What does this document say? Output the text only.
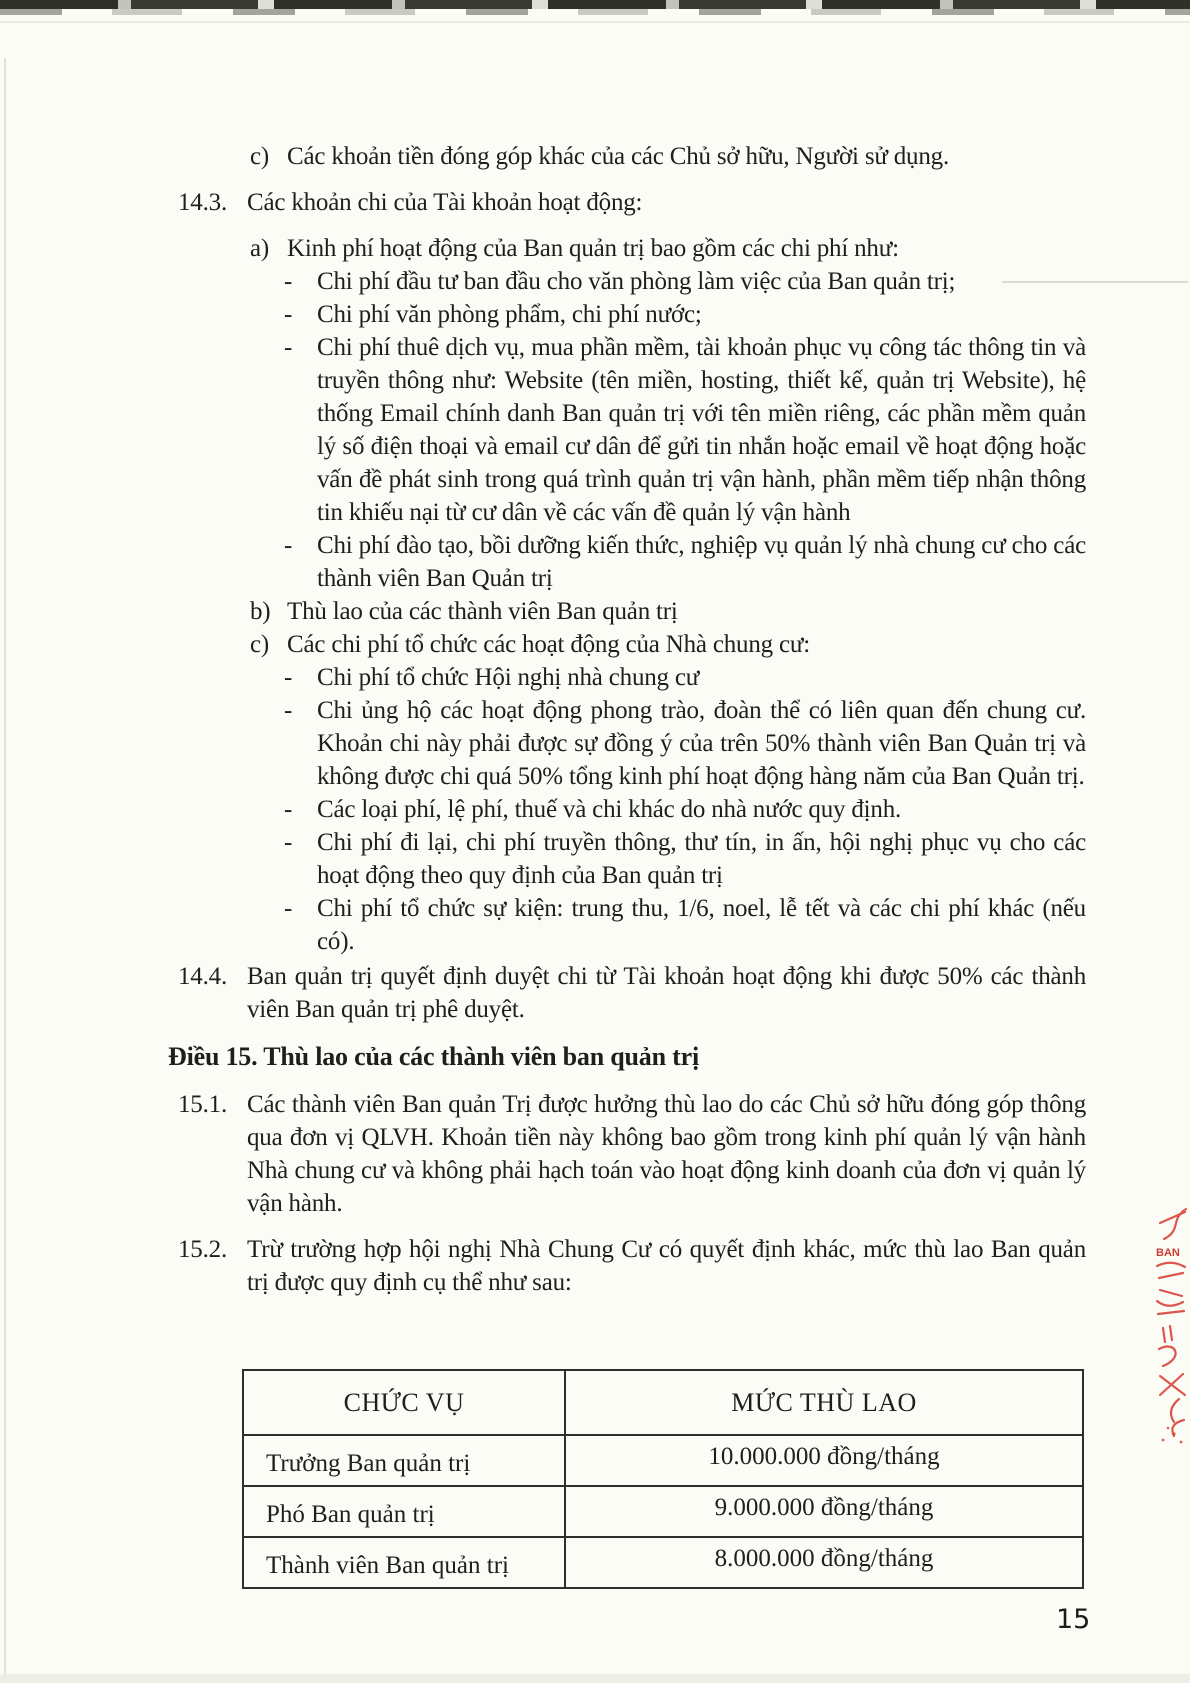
c) Các khoản tiền đóng góp khác của các Chủ sở hữu, Người sử dụng.
14.3. Các khoản chi của Tài khoản hoạt động:
a) Kinh phí hoạt động của Ban quản trị bao gồm các chi phí như:
- Chi phí đầu tư ban đầu cho văn phòng làm việc của Ban quản trị;
- Chi phí văn phòng phẩm, chi phí nước;
- Chi phí thuê dịch vụ, mua phần mềm, tài khoản phục vụ công tác thông tin và truyền thông như: Website (tên miền, hosting, thiết kế, quản trị Website), hệ thống Email chính danh Ban quản trị với tên miền riêng, các phần mềm quản lý số điện thoại và email cư dân để gửi tin nhắn hoặc email về hoạt động hoặc vấn đề phát sinh trong quá trình quản trị vận hành, phần mềm tiếp nhận thông tin khiếu nại từ cư dân về các vấn đề quản lý vận hành
- Chi phí đào tạo, bồi dưỡng kiến thức, nghiệp vụ quản lý nhà chung cư cho các thành viên Ban Quản trị
b) Thù lao của các thành viên Ban quản trị
c) Các chi phí tổ chức các hoạt động của Nhà chung cư:
- Chi phí tổ chức Hội nghị nhà chung cư
- Chi ủng hộ các hoạt động phong trào, đoàn thể có liên quan đến chung cư. Khoản chi này phải được sự đồng ý của trên 50% thành viên Ban Quản trị và không được chi quá 50% tổng kinh phí hoạt động hàng năm của Ban Quản trị.
- Các loại phí, lệ phí, thuế và chi khác do nhà nước quy định.
- Chi phí đi lại, chi phí truyền thông, thư tín, in ấn, hội nghị phục vụ cho các hoạt động theo quy định của Ban quản trị
- Chi phí tổ chức sự kiện: trung thu, 1/6, noel, lễ tết và các chi phí khác (nếu có).
14.4. Ban quản trị quyết định duyệt chi từ Tài khoản hoạt động khi được 50% các thành viên Ban quản trị phê duyệt.
Điều 15. Thù lao của các thành viên ban quản trị
15.1. Các thành viên Ban quản Trị được hưởng thù lao do các Chủ sở hữu đóng góp thông qua đơn vị QLVH. Khoản tiền này không bao gồm trong kinh phí quản lý vận hành Nhà chung cư và không phải hạch toán vào hoạt động kinh doanh của đơn vị quản lý vận hành.
15.2. Trừ trường hợp hội nghị Nhà Chung Cư có quyết định khác, mức thù lao Ban quản trị được quy định cụ thể như sau:
CHỨC VỤ	MỨC THÙ LAO
Trưởng Ban quản trị	10.000.000 đồng/tháng
Phó Ban quản trị	9.000.000 đồng/tháng
Thành viên Ban quản trị	8.000.000 đồng/tháng
15
BAN
